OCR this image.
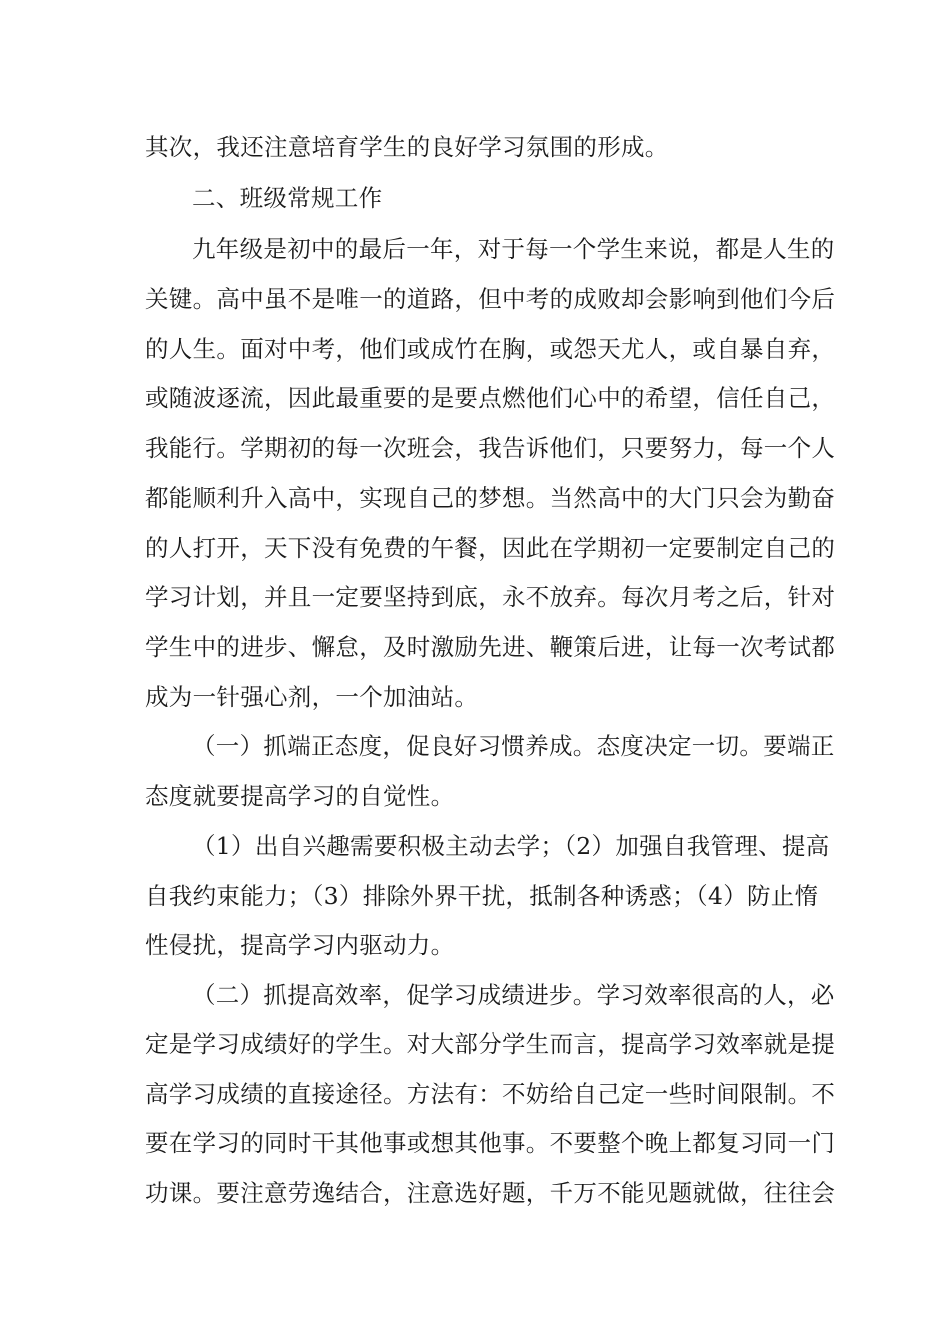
其次，我还注意培育学生的良好学习氛围的形成。
二、班级常规工作
九年级是初中的最后一年，对于每一个学生来说，都是人生的
关键。高中虽不是唯一的道路，但中考的成败却会影响到他们今后
的人生。面对中考，他们或成竹在胸，或怨天尤人，或自暴自弃，
或随波逐流，因此最重要的是要点燃他们心中的希望，信任自己，
我能行。学期初的每一次班会，我告诉他们，只要努力，每一个人
都能顺利升入高中，实现自己的梦想。当然高中的大门只会为勤奋
的人打开，天下没有免费的午餐，因此在学期初一定要制定自己的
学习计划，并且一定要坚持到底，永不放弃。每次月考之后，针对
学生中的进步、懈怠，及时激励先进、鞭策后进，让每一次考试都
成为一针强心剂，一个加油站。
（一）抓端正态度，促良好习惯养成。态度决定一切。要端正
态度就要提高学习的自觉性。
（1）出自兴趣需要积极主动去学；（2）加强自我管理、提高
自我约束能力；（3）排除外界干扰，抵制各种诱惑；（4）防止惰
性侵扰，提高学习内驱动力。
（二）抓提高效率，促学习成绩进步。学习效率很高的人，必
定是学习成绩好的学生。对大部分学生而言，提高学习效率就是提
高学习成绩的直接途径。方法有：不妨给自己定一些时间限制。不
要在学习的同时干其他事或想其他事。不要整个晚上都复习同一门
功课。要注意劳逸结合，注意选好题，千万不能见题就做，往往会
